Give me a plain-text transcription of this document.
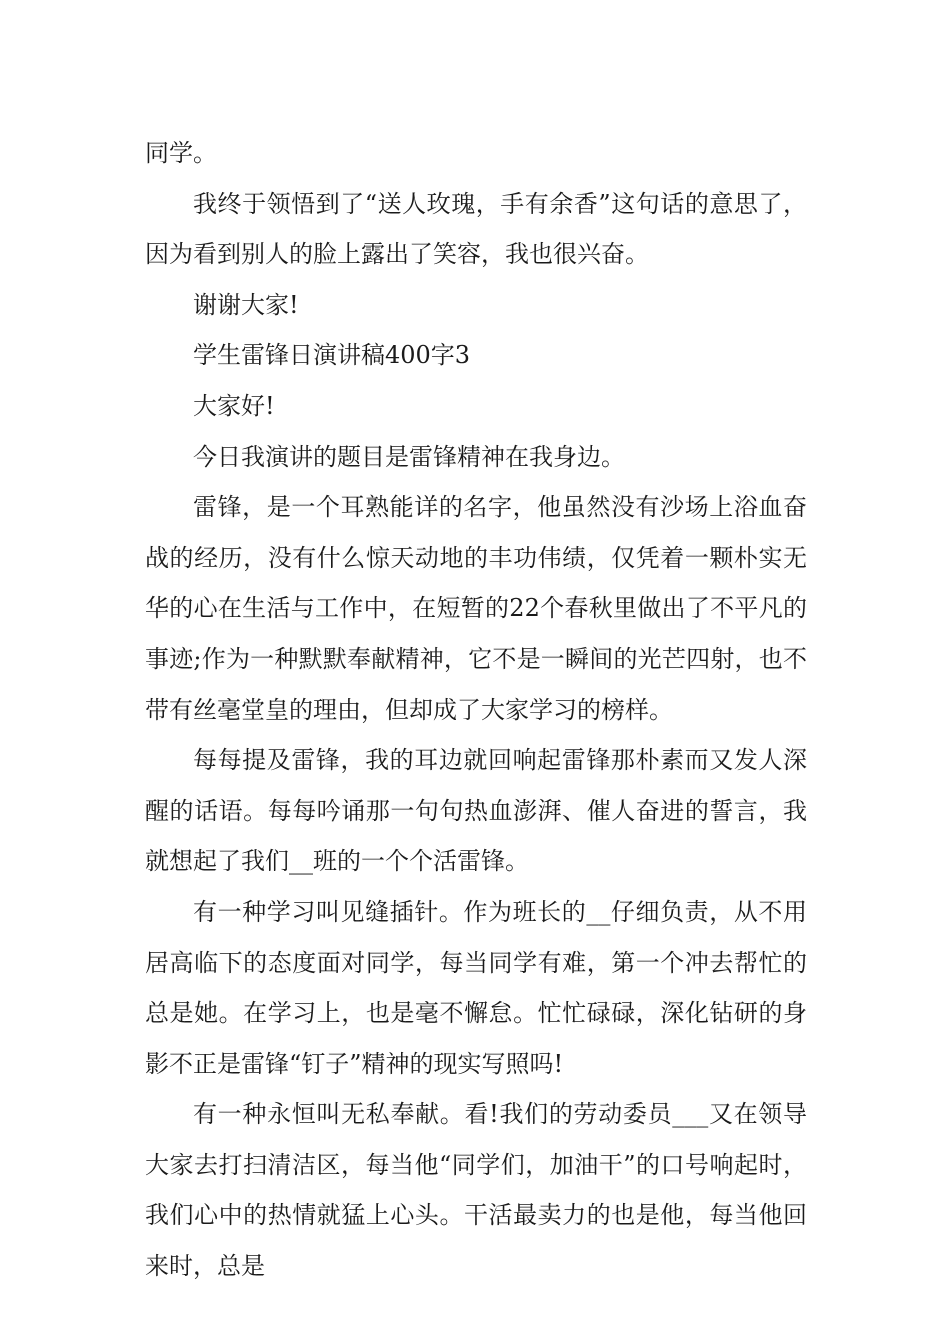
同学。

我终于领悟到了“送人玫瑰，手有余香”这句话的意思了，因为看到别人的脸上露出了笑容，我也很兴奋。

谢谢大家!

学生雷锋日演讲稿400字3

大家好!

今日我演讲的题目是雷锋精神在我身边。

雷锋，是一个耳熟能详的名字，他虽然没有沙场上浴血奋战的经历，没有什么惊天动地的丰功伟绩，仅凭着一颗朴实无华的心在生活与工作中，在短暂的22个春秋里做出了不平凡的事迹;作为一种默默奉献精神，它不是一瞬间的光芒四射，也不带有丝毫堂皇的理由，但却成了大家学习的榜样。

每每提及雷锋，我的耳边就回响起雷锋那朴素而又发人深醒的话语。每每吟诵那一句句热血澎湃、催人奋进的誓言，我就想起了我们__班的一个个活雷锋。

有一种学习叫见缝插针。作为班长的__仔细负责，从不用居高临下的态度面对同学，每当同学有难，第一个冲去帮忙的总是她。在学习上，也是毫不懈怠。忙忙碌碌，深化钻研的身影不正是雷锋“钉子”精神的现实写照吗!

有一种永恒叫无私奉献。看!我们的劳动委员___又在领导大家去打扫清洁区，每当他“同学们，加油干”的口号响起时，我们心中的热情就猛上心头。干活最卖力的也是他，每当他回来时，总是
